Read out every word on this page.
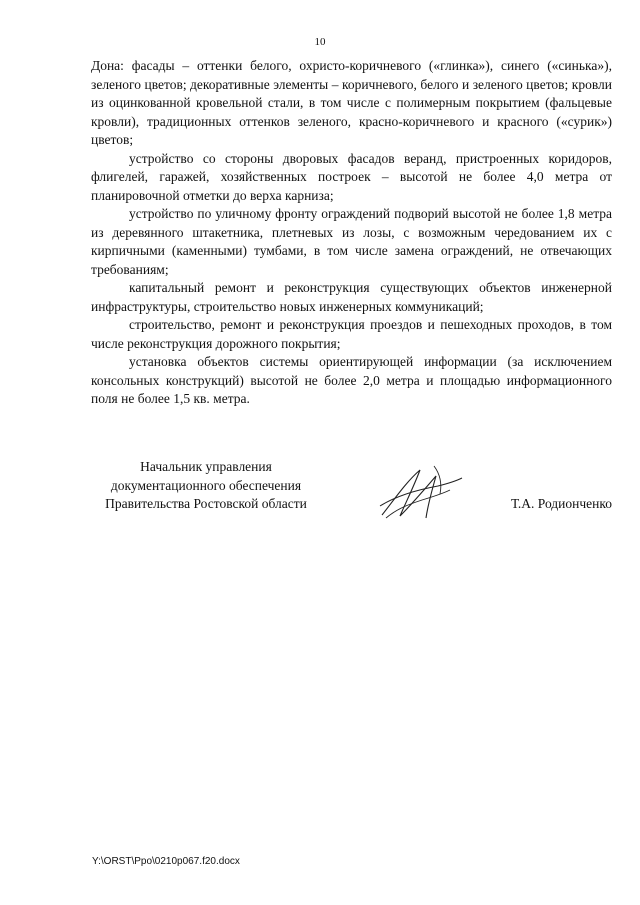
10

Дона: фасады – оттенки белого, охристо-коричневого («глинка»), синего («синька»), зеленого цветов; декоративные элементы – коричневого, белого и зеленого цветов; кровли из оцинкованной кровельной стали, в том числе с полимерным покрытием (фальцевые кровли), традиционных оттенков зеленого, красно-коричневого и красного («сурик») цветов;

устройство со стороны дворовых фасадов веранд, пристроенных коридоров, флигелей, гаражей, хозяйственных построек – высотой не более 4,0 метра от планировочной отметки до верха карниза;

устройство по уличному фронту ограждений подворий высотой не более 1,8 метра из деревянного штакетника, плетневых из лозы, с возможным чередованием их с кирпичными (каменными) тумбами, в том числе замена ограждений, не отвечающих требованиям;

капитальный ремонт и реконструкция существующих объектов инженерной инфраструктуры, строительство новых инженерных коммуникаций;

строительство, ремонт и реконструкция проездов и пешеходных проходов, в том числе реконструкция дорожного покрытия;

установка объектов системы ориентирующей информации (за исключением консольных конструкций) высотой не более 2,0 метра и площадью информационного поля не более 1,5 кв. метра.

Начальник управления
документационного обеспечения
Правительства Ростовской области	Т.А. Родионченко
Y:\ORST\Ppo\0210p067.f20.docx
